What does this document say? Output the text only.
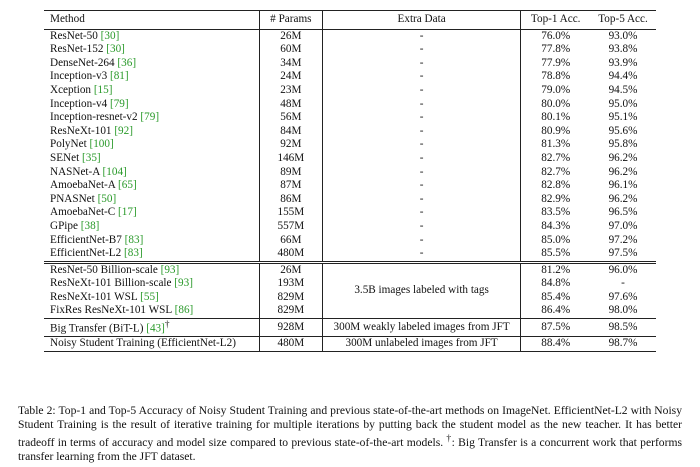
Method	# Params	Extra Data	Top-1 Acc.	Top-5 Acc.
ResNet-50 [30]	26M	-	76.0%	93.0%
ResNet-152 [30]	60M	-	77.8%	93.8%
DenseNet-264 [36]	34M	-	77.9%	93.9%
Inception-v3 [81]	24M	-	78.8%	94.4%
Xception [15]	23M	-	79.0%	94.5%
Inception-v4 [79]	48M	-	80.0%	95.0%
Inception-resnet-v2 [79]	56M	-	80.1%	95.1%
ResNeXt-101 [92]	84M	-	80.9%	95.6%
PolyNet [100]	92M	-	81.3%	95.8%
SENet [35]	146M	-	82.7%	96.2%
NASNet-A [104]	89M	-	82.7%	96.2%
AmoebaNet-A [65]	87M	-	82.8%	96.1%
PNASNet [50]	86M	-	82.9%	96.2%
AmoebaNet-C [17]	155M	-	83.5%	96.5%
GPipe [38]	557M	-	84.3%	97.0%
EfficientNet-B7 [83]	66M	-	85.0%	97.2%
EfficientNet-L2 [83]	480M	-	85.5%	97.5%
ResNet-50 Billion-scale [93]	26M	3.5B images labeled with tags	81.2%	96.0%
ResNeXt-101 Billion-scale [93]	193M		84.8%	-
ResNeXt-101 WSL [55]	829M		85.4%	97.6%
FixRes ResNeXt-101 WSL [86]	829M		86.4%	98.0%
Big Transfer (BiT-L) [43]†	928M	300M weakly labeled images from JFT	87.5%	98.5%
Noisy Student Training (EfficientNet-L2)	480M	300M unlabeled images from JFT	88.4%	98.7%
Table 2: Top-1 and Top-5 Accuracy of Noisy Student Training and previous state-of-the-art methods on ImageNet. EfficientNet-L2 with Noisy Student Training is the result of iterative training for multiple iterations by putting back the student model as the new teacher. It has better tradeoff in terms of accuracy and model size compared to previous state-of-the-art models. †: Big Transfer is a concurrent work that performs transfer learning from the JFT dataset.
